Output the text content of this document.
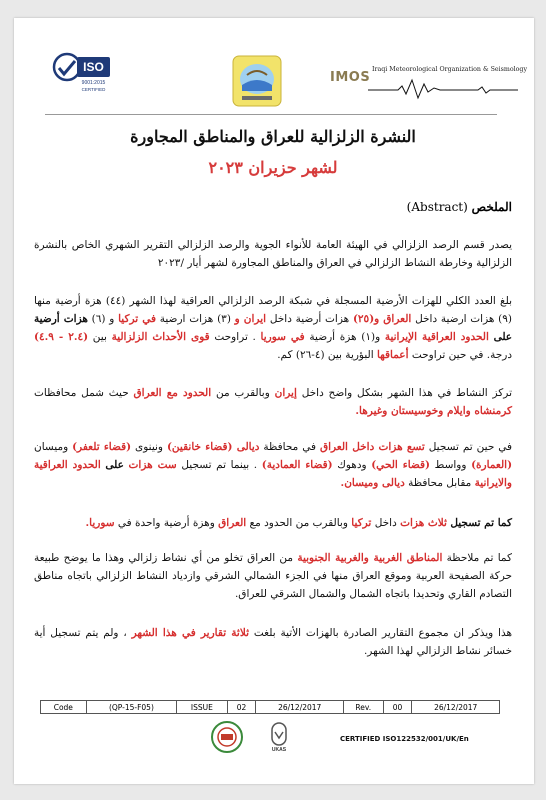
ISO
9001:2015
CERTIFIED
IMOS
Iraqi Meteorological Organization & Seismology
النشرة الزلزالية للعراق والمناطق المجاورة
لشهر حزيران ٢٠٢٣
الملخص (Abstract)
يصدر قسم الرصد الزلزالي في الهيئة العامة للأنواء الجوية والرصد الزلزالي التقرير الشهري الخاص بالنشرة الزلزالية وخارطة النشاط الزلزالي في العراق والمناطق المجاورة لشهر أيار /٢٠٢٣
بلغ العدد الكلي للهزات الأرضية المسجلة في شبكة الرصد الزلزالي العراقية لهذا الشهر (٤٤) هزة أرضية منها (٩) هزات ارضية داخل العراق و(٢٥) هزات أرضية داخل ايران و (٣) هزات ارضية في تركيا و (٦) هزات أرضية على الحدود العراقية الإيرانية و(١) هزة أرضية في سوريا . تراوحت قوى الأحداث الزلزالية بين (٢.٤ - ٤.٩) درجة. في حين تراوحت أعماقها البؤرية بين (٤-٢٦) كم.
تركز النشاط في هذا الشهر بشكل واضح داخل إيران وبالقرب من الحدود مع العراق حيث شمل محافظات كرمنشاه وايلام وخوسيستان وغيرها.
في حين تم تسجيل تسع هزات داخل العراق في محافظة ديالى (قضاء خانقين) ونينوى (قضاء تلعفر) وميسان (العمارة) وواسط (قضاء الحي) ودهوك (قضاء العمادية) . بينما تم تسجيل ست هزات على الحدود العراقية والايرانية مقابل محافظة ديالى وميسان.
كما تم تسجيل ثلاث هزات داخل تركيا وبالقرب من الحدود مع العراق وهزة أرضية واحدة في سوريا.
كما تم ملاحظة المناطق الغربية والغربية الجنوبية من العراق تخلو من أي نشاط زلزالي وهذا ما يوضح طبيعة حركة الصفيحة العربية وموقع العراق منها في الجزء الشمالي الشرقي وازدياد النشاط الزلزالي باتجاه مناطق التصادم القاري وتحديدا باتجاه الشمال والشمال الشرقي للعراق.
هذا ويذكر ان مجموع التقارير الصادرة بالهزات الأتية بلغت ثلاثة تقارير في هذا الشهر ، ولم يتم تسجيل أية خسائر نشاط الزلزالي لهذا الشهر.
Code	(QP-15-F05)	ISSUE	02	26/12/2017	Rev.	00	26/12/2017
UKAS
CERTIFIED ISO122532/001/UK/En
